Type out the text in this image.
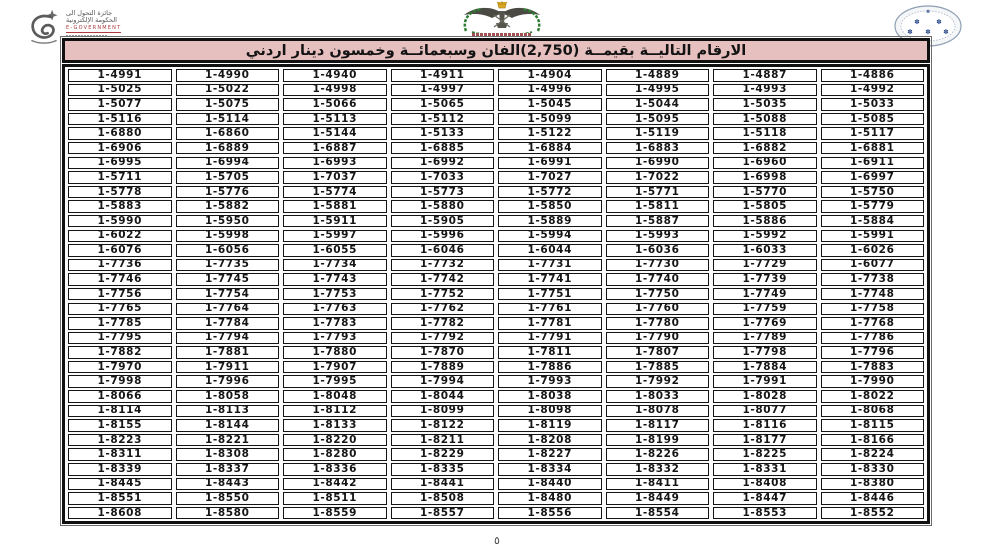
جائزة التحول الى
الحكومة الإلكترونية
E-GOVERNMENT
✽
✽	✽
✽ ✽ ✽
الارقام التاليــة بقيمــة (2,750)الفان وسبعمائــة وخمسون دينار اردني
1-4991	1-4990	1-4940	1-4911	1-4904	1-4889	1-4887	1-4886
1-5025	1-5022	1-4998	1-4997	1-4996	1-4995	1-4993	1-4992
1-5077	1-5075	1-5066	1-5065	1-5045	1-5044	1-5035	1-5033
1-5116	1-5114	1-5113	1-5112	1-5099	1-5095	1-5088	1-5085
1-6880	1-6860	1-5144	1-5133	1-5122	1-5119	1-5118	1-5117
1-6906	1-6889	1-6887	1-6885	1-6884	1-6883	1-6882	1-6881
1-6995	1-6994	1-6993	1-6992	1-6991	1-6990	1-6960	1-6911
1-5711	1-5705	1-7037	1-7033	1-7027	1-7022	1-6998	1-6997
1-5778	1-5776	1-5774	1-5773	1-5772	1-5771	1-5770	1-5750
1-5883	1-5882	1-5881	1-5880	1-5850	1-5811	1-5805	1-5779
1-5990	1-5950	1-5911	1-5905	1-5889	1-5887	1-5886	1-5884
1-6022	1-5998	1-5997	1-5996	1-5994	1-5993	1-5992	1-5991
1-6076	1-6056	1-6055	1-6046	1-6044	1-6036	1-6033	1-6026
1-7736	1-7735	1-7734	1-7732	1-7731	1-7730	1-7729	1-6077
1-7746	1-7745	1-7743	1-7742	1-7741	1-7740	1-7739	1-7738
1-7756	1-7754	1-7753	1-7752	1-7751	1-7750	1-7749	1-7748
1-7765	1-7764	1-7763	1-7762	1-7761	1-7760	1-7759	1-7758
1-7785	1-7784	1-7783	1-7782	1-7781	1-7780	1-7769	1-7768
1-7795	1-7794	1-7793	1-7792	1-7791	1-7790	1-7789	1-7786
1-7882	1-7881	1-7880	1-7870	1-7811	1-7807	1-7798	1-7796
1-7970	1-7911	1-7907	1-7889	1-7886	1-7885	1-7884	1-7883
1-7998	1-7996	1-7995	1-7994	1-7993	1-7992	1-7991	1-7990
1-8066	1-8058	1-8048	1-8044	1-8038	1-8033	1-8028	1-8022
1-8114	1-8113	1-8112	1-8099	1-8098	1-8078	1-8077	1-8068
1-8155	1-8144	1-8133	1-8122	1-8119	1-8117	1-8116	1-8115
1-8223	1-8221	1-8220	1-8211	1-8208	1-8199	1-8177	1-8166
1-8311	1-8308	1-8280	1-8229	1-8227	1-8226	1-8225	1-8224
1-8339	1-8337	1-8336	1-8335	1-8334	1-8332	1-8331	1-8330
1-8445	1-8443	1-8442	1-8441	1-8440	1-8411	1-8408	1-8380
1-8551	1-8550	1-8511	1-8508	1-8480	1-8449	1-8447	1-8446
1-8608	1-8580	1-8559	1-8557	1-8556	1-8554	1-8553	1-8552
٥
